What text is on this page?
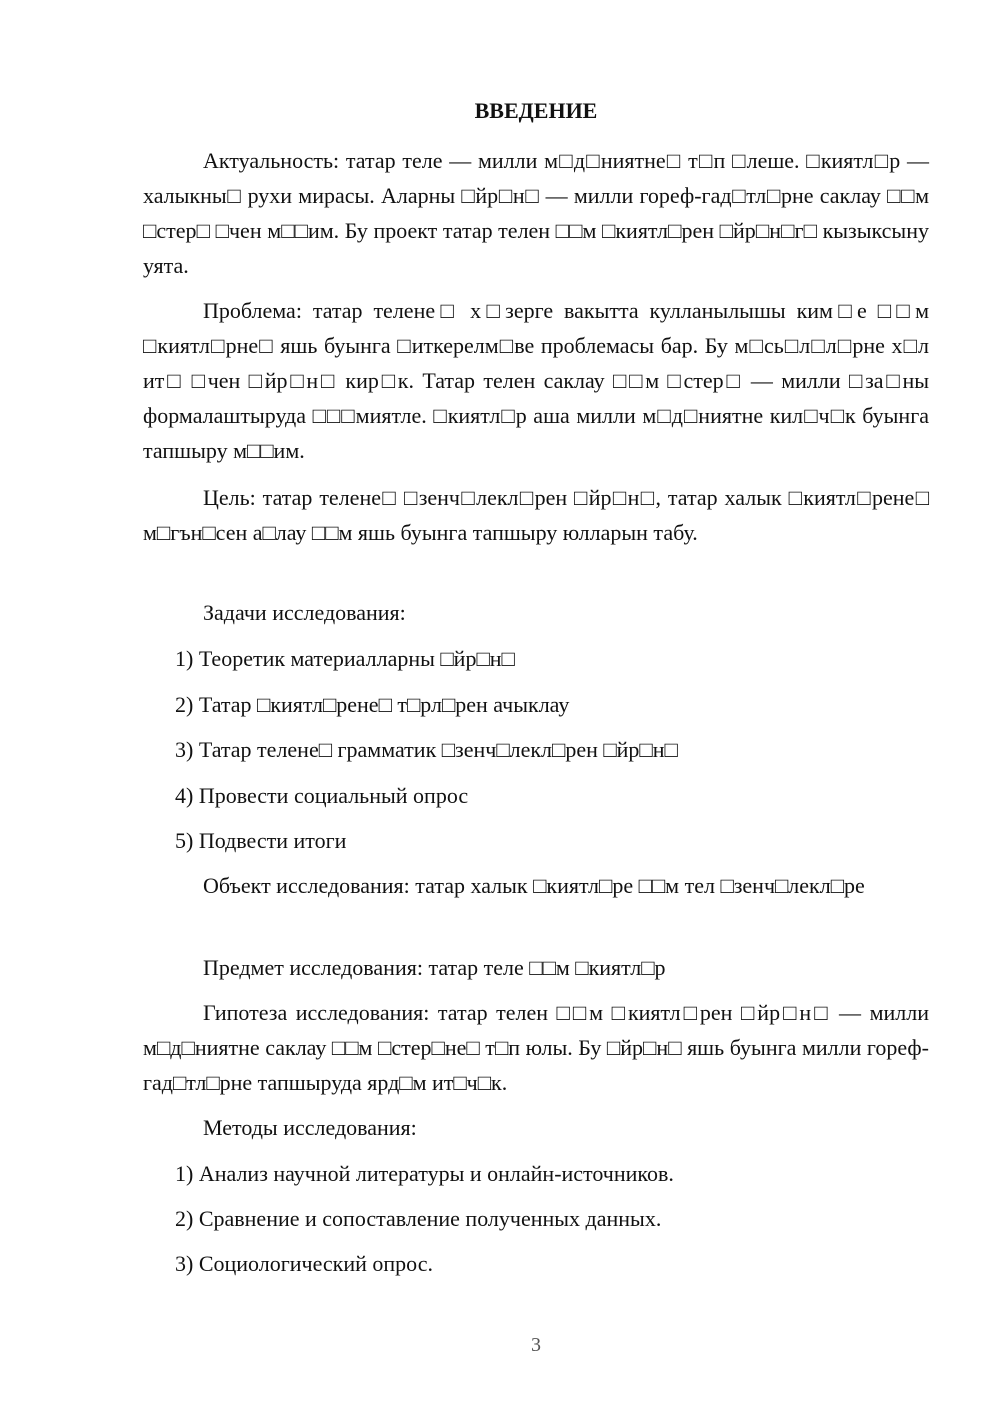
ВВЕДЕНИЕ

Актуальность: татар теле — милли м□д□ниятне□ т□п □леше. □киятл□р — халыкны□ рухи мирасы. Аларны □йр□н□ — милли гореф-гад□тл□рне саклау □□м □стер□ □чен м□□им. Бу проект татар телен □□м □киятл□рен □йр□н□г□ кызыксыну уята.

Проблема: татар телене□ х□зерге вакытта кулланылышы ким□е □□м □киятл□рне□ яшь буынга □иткерелм□ве проблемасы бар. Бу м□сь□л□л□рне х□л ит□ □чен □йр□н□ кир□к. Татар телен саклау □□м □стер□ — милли □за□ны формалаштыруда □□□миятле. □киятл□р аша милли м□д□ниятне кил□ч□к буынга тапшыру м□□им.

Цель: татар телене□ □зенч□лекл□рен □йр□н□, татар халык □киятл□рене□ м□гън□сен а□лау □□м яшь буынга тапшыру юлларын табу.

Задачи исследования:

1) Теоретик материалларны □йр□н□

2) Татар □киятл□рене□ т□рл□рен ачыклау

3) Татар телене□ грамматик □зенч□лекл□рен □йр□н□

4) Провести социальный опрос

5) Подвести итоги

Объект исследования: татар халык □киятл□ре □□м тел □зенч□лекл□ре

Предмет исследования: татар теле □□м □киятл□р

Гипотеза исследования: татар телен □□м □киятл□рен □йр□н□ — милли м□д□ниятне саклау □□м □стер□не□ т□п юлы. Бу □йр□н□ яшь буынга милли гореф-гад□тл□рне тапшыруда ярд□м ит□ч□к.

Методы исследования:

1) Анализ научной литературы и онлайн-источников.

2) Сравнение и сопоставление полученных данных.

3) Социологический опрос.

3
